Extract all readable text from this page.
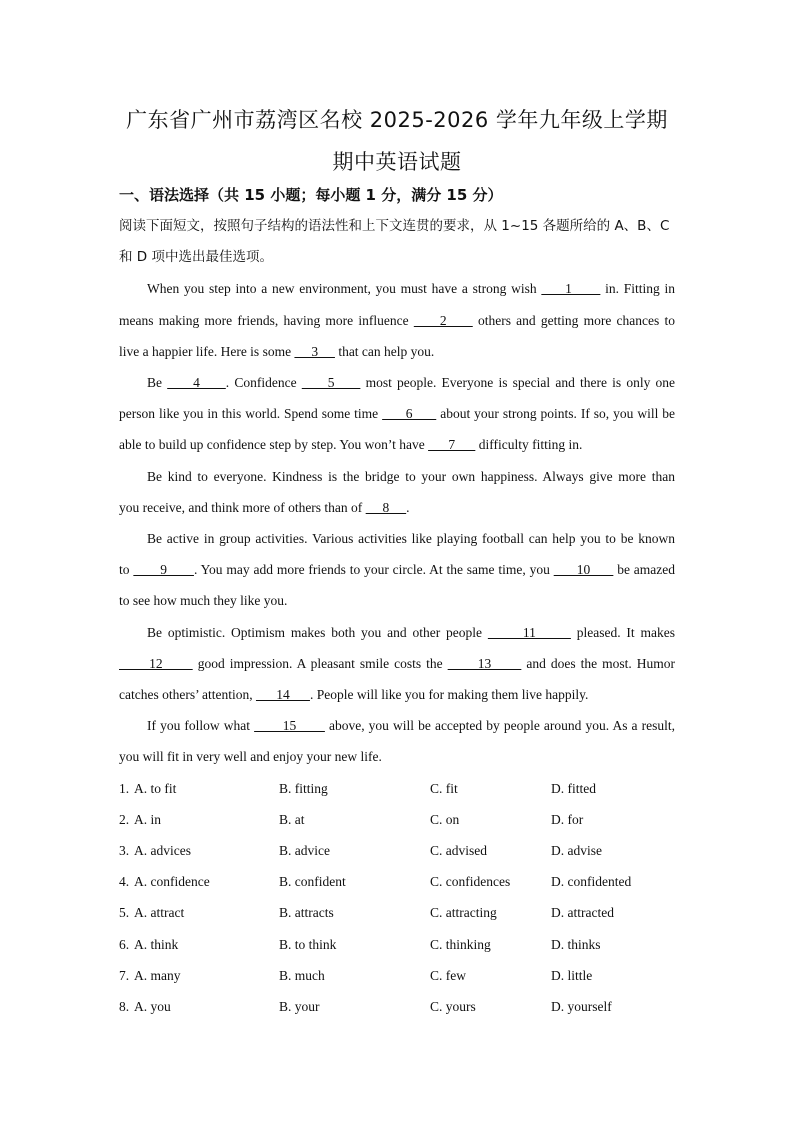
广东省广州市荔湾区名校 2025-2026 学年九年级上学期
期中英语试题
一、语法选择（共 15 小题；每小题 1 分，满分 15 分）
阅读下面短文，按照句子结构的语法性和上下文连贯的要求，从 1~15 各题所给的 A、B、C
和 D 项中选出最佳选项。
When you step into a new environment, you must have a strong wish      1       in. Fitting in
means making more friends, having more influence      2      others and getting more chances to
live a happier life. Here is some      3      that can help you.
Be      4     . Confidence      5      most people. Everyone is special and there is only one
person like you in this world. Spend some time       6       about your strong points. If so, you will be
able to build up confidence step by step. You won’t have       7       difficulty fitting in.
Be kind to everyone. Kindness is the bridge to your own happiness. Always give more than
you receive, and think more of others than of      8     .
Be active in group activities. Various activities like playing football can help you to be known
to        9       . You may add more friends to your circle. At the same time, you       10       be amazed
to see how much they like you.
Be optimistic. Optimism makes both you and other people       11       pleased. It makes
12       good impression. A pleasant smile costs the       13       and does the most. Humor
catches others’ attention,       14      . People will like you for making them live happily.
If you follow what        15        above, you will be accepted by people around you. As a result,
you will fit in very well and enjoy your new life.
1. A. to fit	B. fitting	C. fit	D. fitted
2. A. in	B. at	C. on	D. for
3. A. advices	B. advice	C. advised	D. advise
4. A. confidence	B. confident	C. confidences	D. confidented
5. A. attract	B. attracts	C. attracting	D. attracted
6. A. think	B. to think	C. thinking	D. thinks
7. A. many	B. much	C. few	D. little
8. A. you	B. your	C. yours	D. yourself
